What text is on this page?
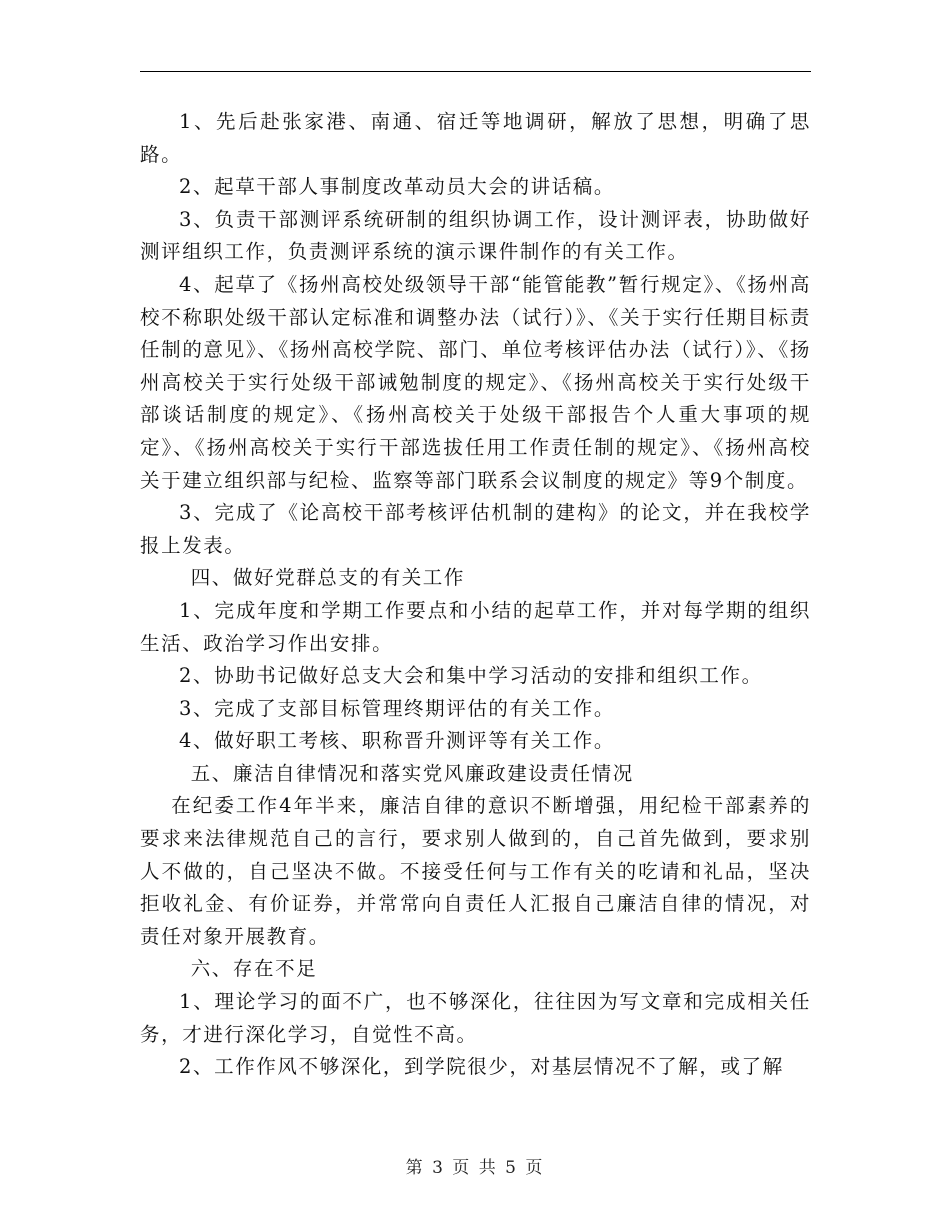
1、先后赴张家港、南通、宿迁等地调研，解放了思想，明确了思路。

2、起草干部人事制度改革动员大会的讲话稿。

3、负责干部测评系统研制的组织协调工作，设计测评表，协助做好测评组织工作，负责测评系统的演示课件制作的有关工作。

4、起草了《扬州高校处级领导干部“能管能教”暂行规定》、《扬州高校不称职处级干部认定标准和调整办法（试行）》、《关于实行任期目标责任制的意见》、《扬州高校学院、部门、单位考核评估办法（试行）》、《扬州高校关于实行处级干部诫勉制度的规定》、《扬州高校关于实行处级干部谈话制度的规定》、《扬州高校关于处级干部报告个人重大事项的规定》、《扬州高校关于实行干部选拔任用工作责任制的规定》、《扬州高校关于建立组织部与纪检、监察等部门联系会议制度的规定》等9个制度。

3、完成了《论高校干部考核评估机制的建构》的论文，并在我校学报上发表。

四、做好党群总支的有关工作

1、完成年度和学期工作要点和小结的起草工作，并对每学期的组织生活、政治学习作出安排。

2、协助书记做好总支大会和集中学习活动的安排和组织工作。

3、完成了支部目标管理终期评估的有关工作。

4、做好职工考核、职称晋升测评等有关工作。

五、廉洁自律情况和落实党风廉政建设责任情况

在纪委工作4年半来，廉洁自律的意识不断增强，用纪检干部素养的要求来法律规范自己的言行，要求别人做到的，自己首先做到，要求别人不做的，自己坚决不做。不接受任何与工作有关的吃请和礼品，坚决拒收礼金、有价证券，并常常向自责任人汇报自己廉洁自律的情况，对责任对象开展教育。

六、存在不足

1、理论学习的面不广，也不够深化，往往因为写文章和完成相关任务，才进行深化学习，自觉性不高。

2、工作作风不够深化，到学院很少，对基层情况不了解，或了解

第 3 页 共 5 页
